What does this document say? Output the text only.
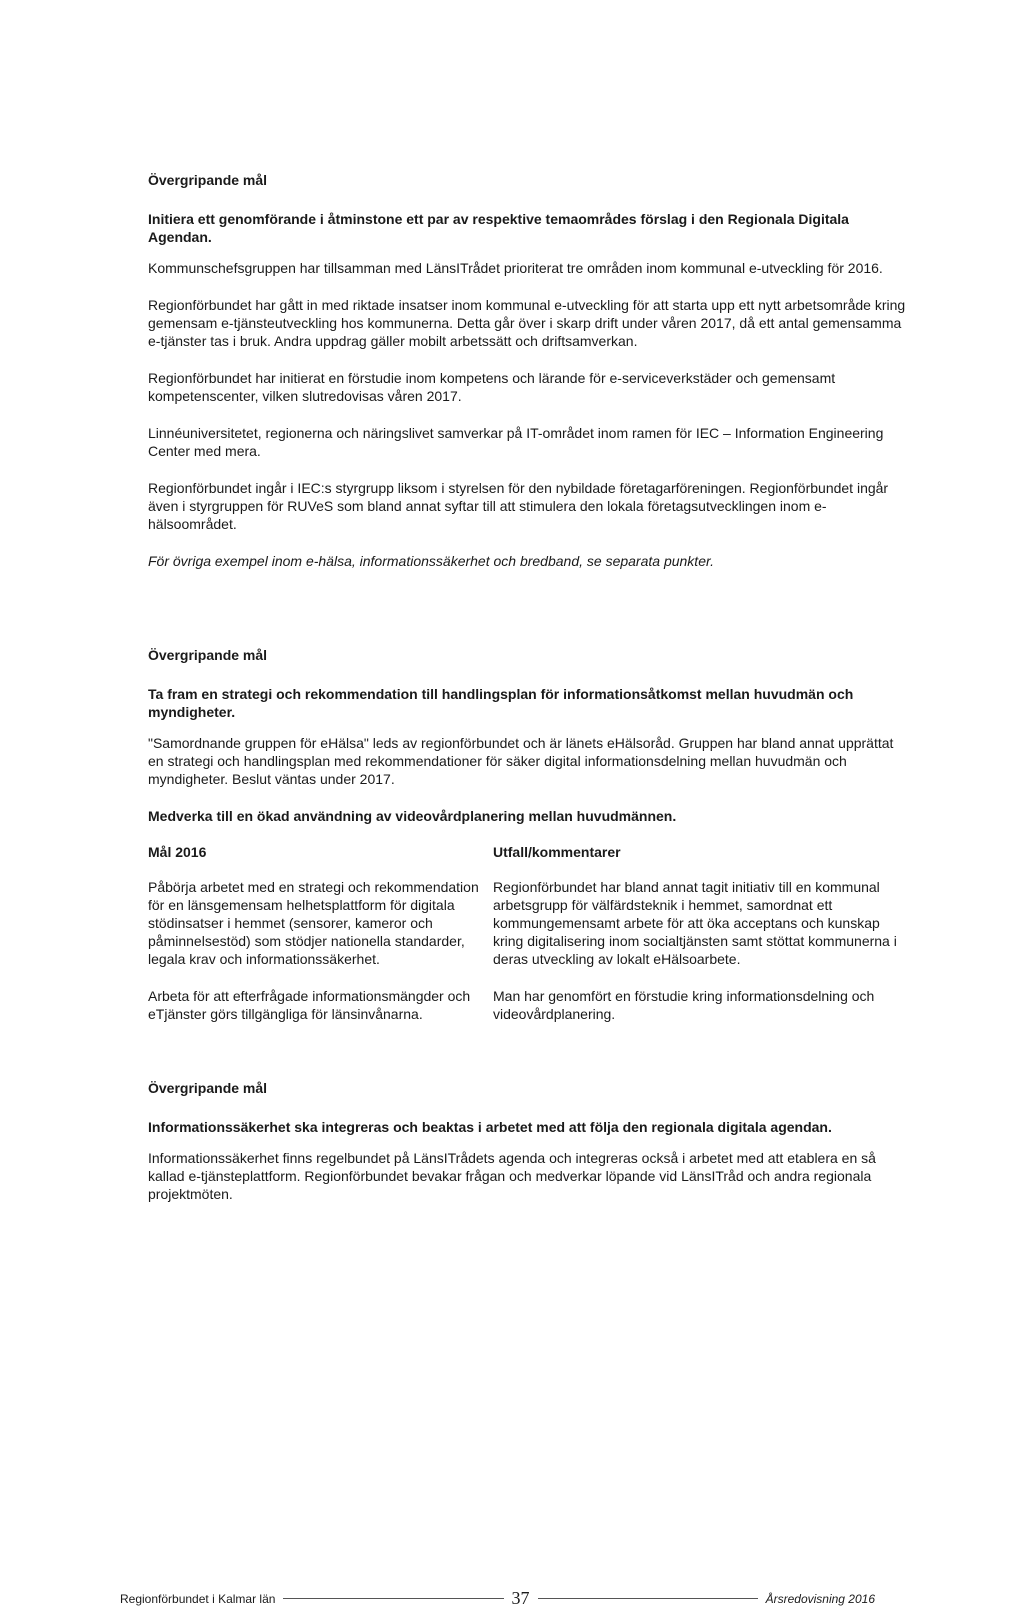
Övergripande mål
Initiera ett genomförande i åtminstone ett par av respektive temaområdes förslag i den Regionala Digitala Agendan.

Kommunschefsgruppen har tillsamman med LänsITrådet prioriterat tre områden inom kommunal e-utveckling för 2016.

Regionförbundet har gått in med riktade insatser inom kommunal e-utveckling för att starta upp ett nytt arbetsområde kring gemensam e-tjänsteutveckling hos kommunerna. Detta går över i skarp drift under våren 2017, då ett antal gemensamma e-tjänster tas i bruk. Andra uppdrag gäller mobilt arbetssätt och driftsamverkan.

Regionförbundet har initierat en förstudie inom kompetens och lärande för e-serviceverkstäder och gemensamt kompetenscenter, vilken slutredovisas våren 2017.

Linnéuniversitetet, regionerna och näringslivet samverkar på IT-området inom ramen för IEC – Information Engineering Center med mera.

Regionförbundet ingår i IEC:s styrgrupp liksom i styrelsen för den nybildade företagarföreningen. Regionförbundet ingår även i styrgruppen för RUVeS som bland annat syftar till att stimulera den lokala företagsutvecklingen inom e-hälsoområdet.

För övriga exempel inom e-hälsa, informationssäkerhet och bredband, se separata punkter.

Övergripande mål
Ta fram en strategi och rekommendation till handlingsplan för informationsåtkomst mellan huvudmän och myndigheter.

"Samordnande gruppen för eHälsa" leds av regionförbundet och är länets eHälsoråd. Gruppen har bland annat upprättat en strategi och handlingsplan med rekommendationer för säker digital informationsdelning mellan huvudmän och myndigheter. Beslut väntas under 2017.

Medverka till en ökad användning av videovårdplanering mellan huvudmännen.
Mål 2016

Påbörja arbetet med en strategi och rekommendation för en länsgemensam helhetsplattform för digitala stödinsatser i hemmet (sensorer, kameror och påminnelsestöd) som stödjer nationella standarder, legala krav och informationssäkerhet.

Arbeta för att efterfrågade informationsmängder och eTjänster görs tillgängliga för länsinvånarna.

Utfall/kommentarer

Regionförbundet har bland annat tagit initiativ till en kommunal arbetsgrupp för välfärdsteknik i hemmet, samordnat ett kommungemensamt arbete för att öka acceptans och kunskap kring digitalisering inom socialtjänsten samt stöttat kommunerna i deras utveckling av lokalt eHälsoarbete.

Man har genomfört en förstudie kring informationsdelning och videovårdplanering.

Övergripande mål
Informationssäkerhet ska integreras och beaktas i arbetet med att följa den regionala digitala agendan.

Informationssäkerhet finns regelbundet på LänsITrådets agenda och integreras också i arbetet med att etablera en så kallad e-tjänsteplattform. Regionförbundet bevakar frågan och medverkar löpande vid LänsITråd och andra regionala projektmöten.

Regionförbundet i Kalmar län	37	Årsredovisning 2016
